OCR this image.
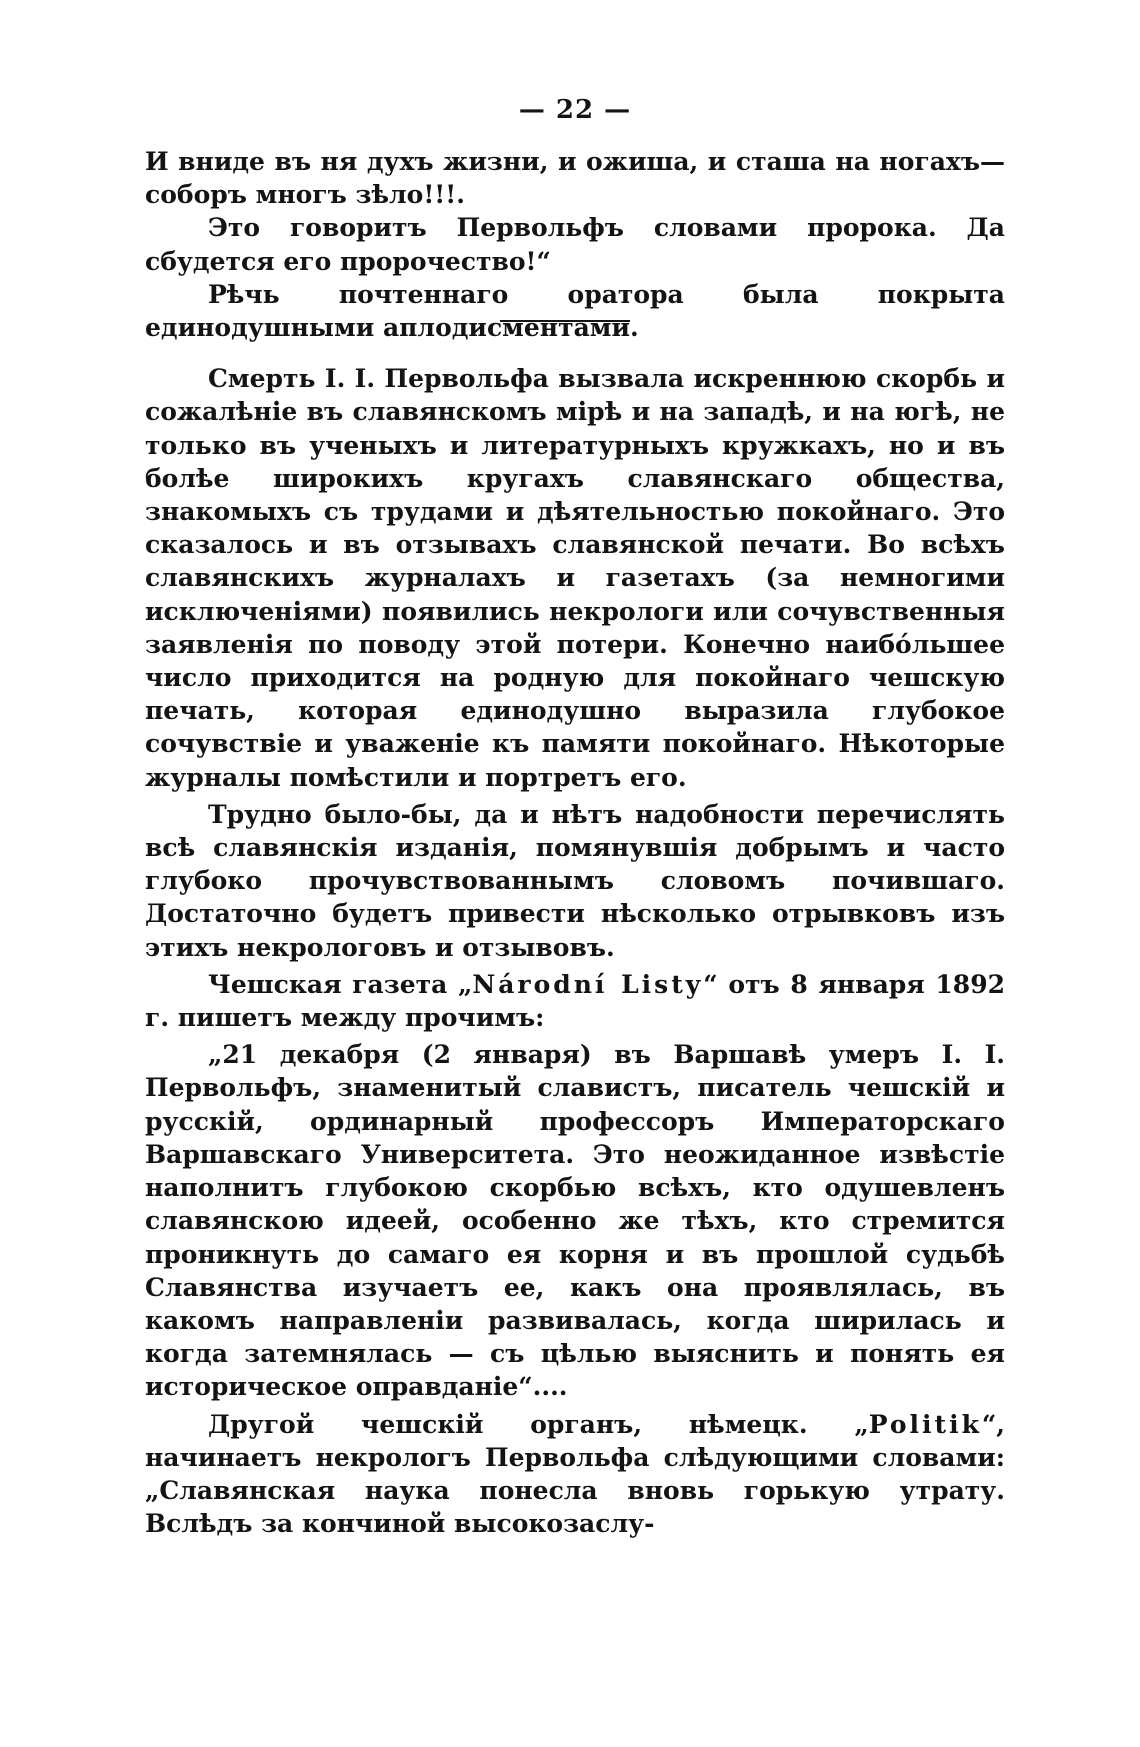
— 22 —

И вниде въ ня духъ жизни, и ожиша, и сташа на ногахъ—соборъ многъ зѣло!!!.

Это говоритъ Первольфъ словами пророка. Да сбудется его пророчество!“

Рѣчь почтеннаго оратора была покрыта единодушными аплодисментами.

Смерть I. I. Первольфа вызвала искреннюю скорбь и сожалѣніе въ славянскомъ мірѣ и на западѣ, и на югѣ, не только въ ученыхъ и литературныхъ кружкахъ, но и въ болѣе широкихъ кругахъ славянскаго общества, знакомыхъ съ трудами и дѣятельностью покойнаго. Это сказалось и въ отзывахъ славянской печати. Во всѣхъ славянскихъ журналахъ и газетахъ (за немногими исключеніями) появились некрологи или сочувственныя заявленія по поводу этой потери. Конечно наибо́льшее число приходится на родную для покойнаго чешскую печать, которая единодушно выразила глубокое сочувствіе и уваженіе къ памяти покойнаго. Нѣкоторые журналы помѣстили и портретъ его.

Трудно было-бы, да и нѣтъ надобности перечислять всѣ славянскія изданія, помянувшія добрымъ и часто глубоко прочувствованнымъ словомъ почившаго. Достаточно будетъ привести нѣсколько отрывковъ изъ этихъ некрологовъ и отзывовъ.

Чешская газета „Národní Listy“ отъ 8 января 1892 г. пишетъ между прочимъ:

„21 декабря (2 января) въ Варшавѣ умеръ I. I. Первольфъ, знаменитый славистъ, писатель чешскій и русскій, ординарный профессоръ Императорскаго Варшавскаго Университета. Это неожиданное извѣстіе наполнитъ глубокою скорбью всѣхъ, кто одушевленъ славянскою идеей, особенно же тѣхъ, кто стремится проникнуть до самаго ея корня и въ прошлой судьбѣ Славянства изучаетъ ее, какъ она проявлялась, въ какомъ направленіи развивалась, когда ширилась и когда затемнялась — съ цѣлью выяснить и понять ея историческое оправданіе“....

Другой чешскій органъ, нѣмецк. „Politik“, начинаетъ некрологъ Первольфа слѣдующими словами: „Славянская наука понесла вновь горькую утрату. Вслѣдъ за кончиной высокозаслу-
